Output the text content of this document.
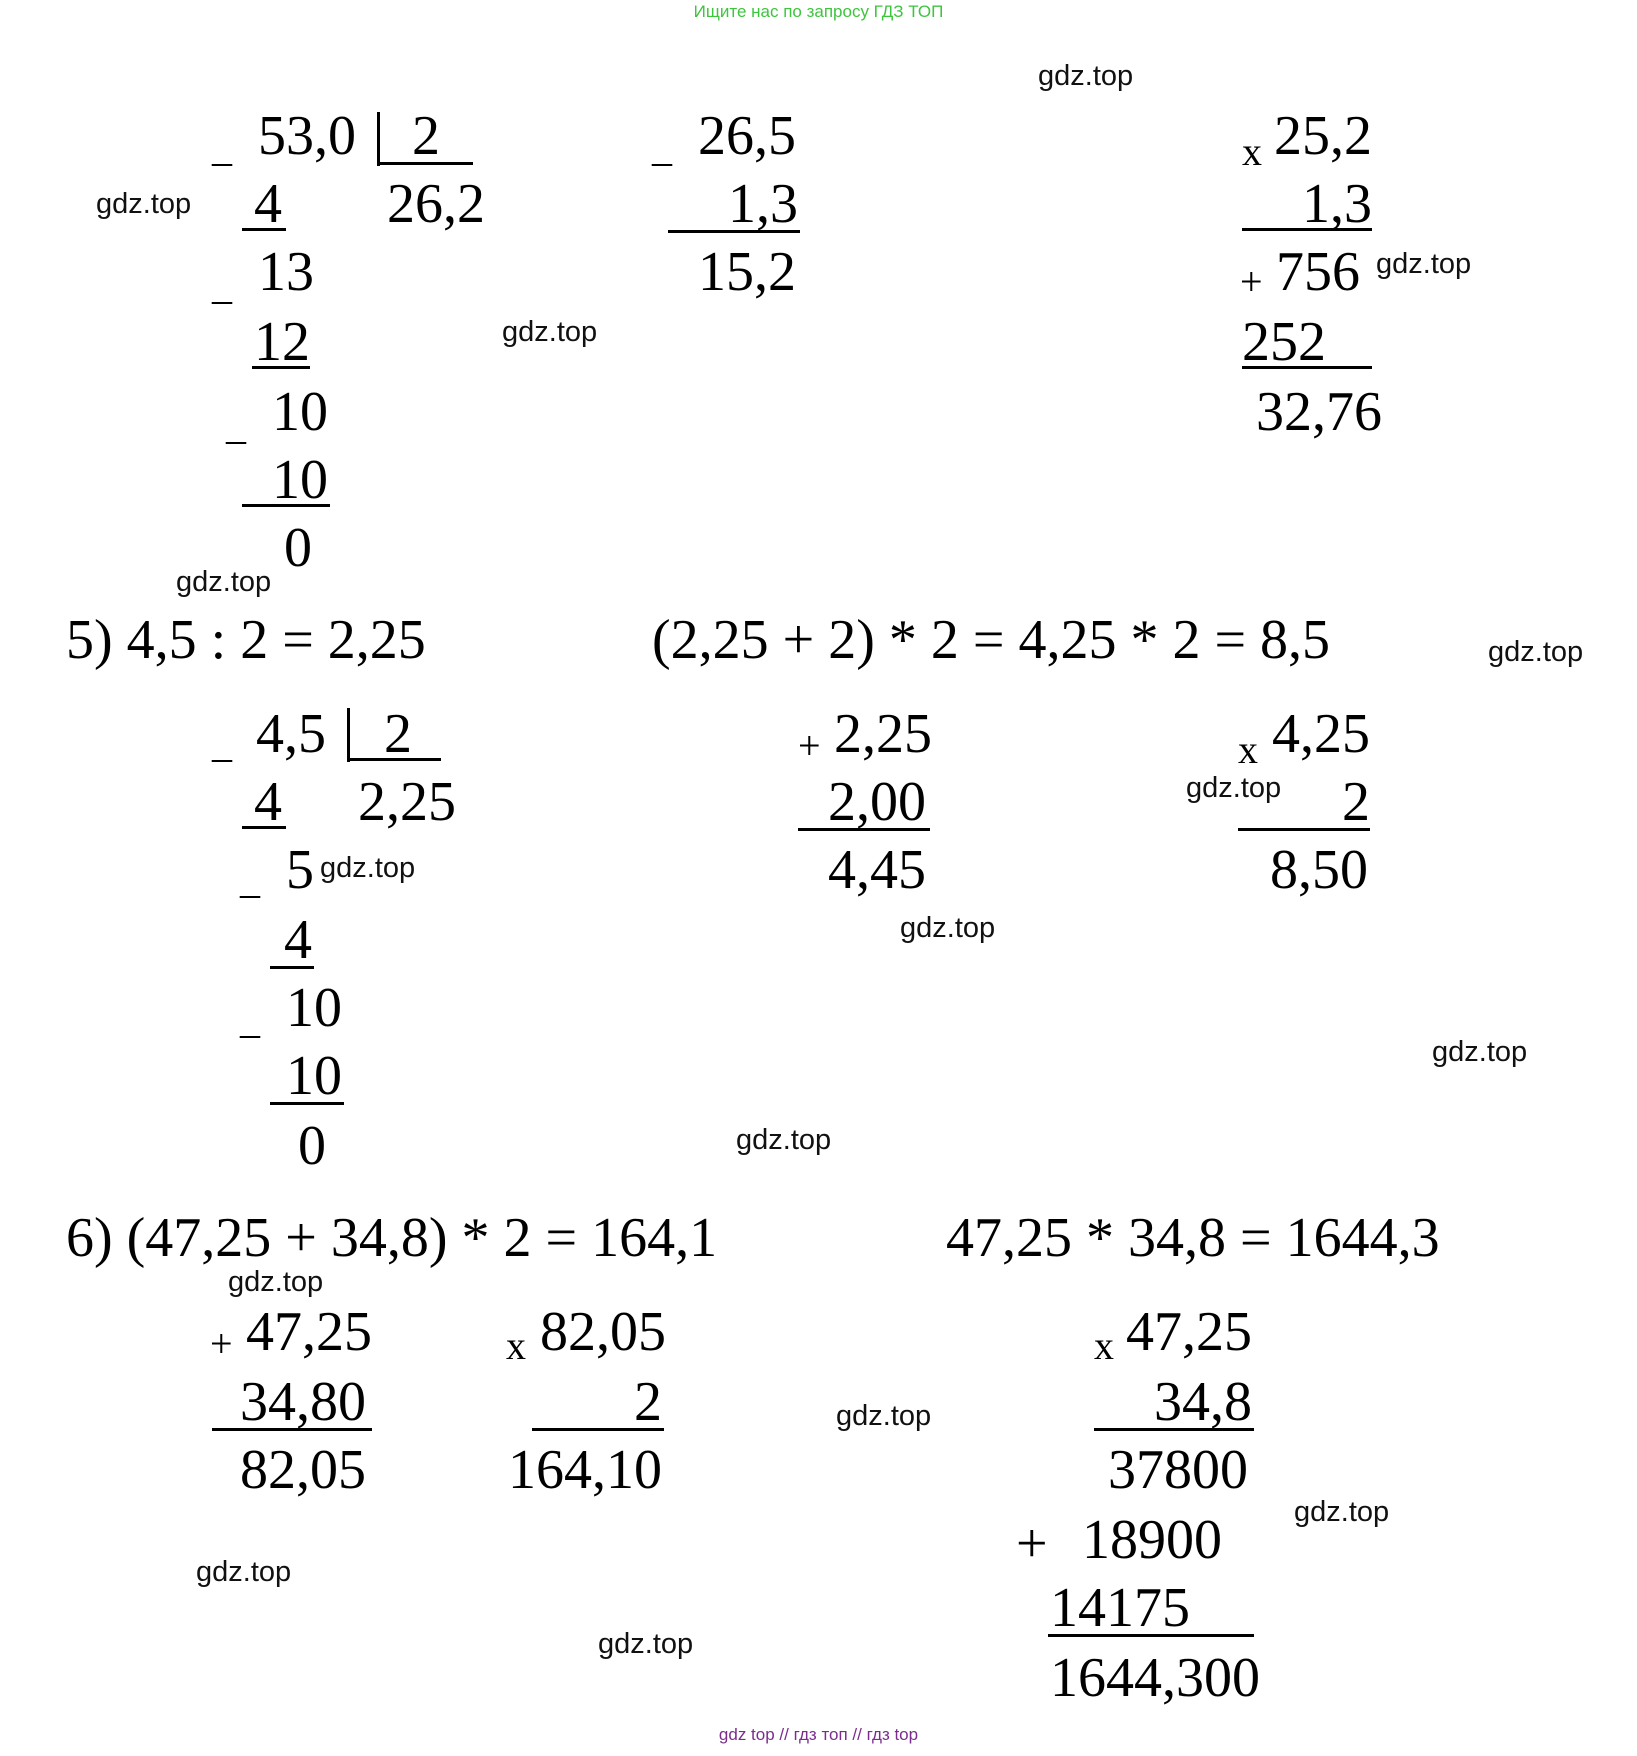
Ищите нас по запросу ГДЗ ТОП
_ 53,0 2
26,2
4
_ 13
12
_ 10
10
0
_ 26,5
1,3
15,2
x 25,2
1,3
+ 756
252
32,76
5) 4,5 : 2 = 2,25	(2,25 + 2) * 2 = 4,25 * 2 = 8,5
_ 4,5 2
2,25
4
_ 5
4
_ 10
10
0
+ 2,25
2,00
4,45
x 4,25
2
8,50
6) (47,25 + 34,8) * 2 = 164,1	47,25 * 34,8 = 1644,3
+ 47,25
34,80
82,05
x 82,05
2
164,10
x 47,25
34,8
37800
+ 18900
14175
1644,300
gdz.top
gdz.top
gdz.top
gdz.top
gdz.top
gdz.top
gdz.top
gdz.top
gdz.top
gdz.top
gdz.top
gdz.top
gdz.top
gdz.top
gdz.top
gdz.top
gdz top // гдз топ // гдз top
